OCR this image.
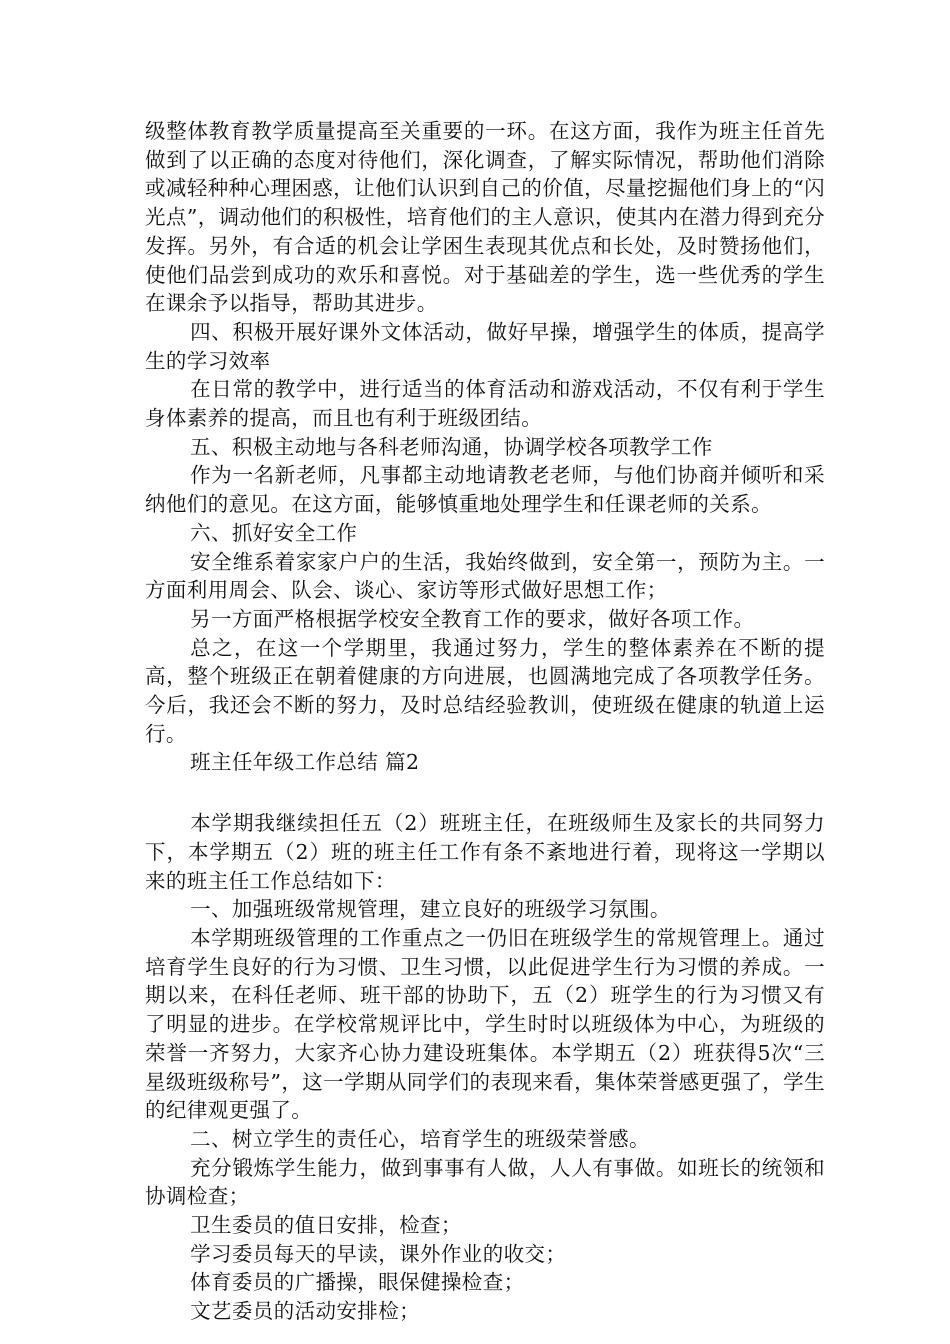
级整体教育教学质量提高至关重要的一环。在这方面，我作为班主任首先做到了以正确的态度对待他们，深化调查，了解实际情况，帮助他们消除或减轻种种心理困惑，让他们认识到自己的价值，尽量挖掘他们身上的“闪光点”，调动他们的积极性，培育他们的主人意识，使其内在潜力得到充分发挥。另外，有合适的机会让学困生表现其优点和长处，及时赞扬他们，使他们品尝到成功的欢乐和喜悦。对于基础差的学生，选一些优秀的学生在课余予以指导，帮助其进步。

四、积极开展好课外文体活动，做好早操，增强学生的体质，提高学生的学习效率

在日常的教学中，进行适当的体育活动和游戏活动，不仅有利于学生身体素养的提高，而且也有利于班级团结。

五、积极主动地与各科老师沟通，协调学校各项教学工作

作为一名新老师，凡事都主动地请教老老师，与他们协商并倾听和采纳他们的意见。在这方面，能够慎重地处理学生和任课老师的关系。

六、抓好安全工作

安全维系着家家户户的生活，我始终做到，安全第一，预防为主。一方面利用周会、队会、谈心、家访等形式做好思想工作；

另一方面严格根据学校安全教育工作的要求，做好各项工作。

总之，在这一个学期里，我通过努力，学生的整体素养在不断的提高，整个班级正在朝着健康的方向进展，也圆满地完成了各项教学任务。今后，我还会不断的努力，及时总结经验教训，使班级在健康的轨道上运行。

班主任年级工作总结 篇2

本学期我继续担任五（2）班班主任，在班级师生及家长的共同努力下，本学期五（2）班的班主任工作有条不紊地进行着，现将这一学期以来的班主任工作总结如下：

一、加强班级常规管理，建立良好的班级学习氛围。

本学期班级管理的工作重点之一仍旧在班级学生的常规管理上。通过培育学生良好的行为习惯、卫生习惯，以此促进学生行为习惯的养成。一期以来，在科任老师、班干部的协助下，五（2）班学生的行为习惯又有了明显的进步。在学校常规评比中，学生时时以班级体为中心，为班级的荣誉一齐努力，大家齐心协力建设班集体。本学期五（2）班获得5次“三星级班级称号”，这一学期从同学们的表现来看，集体荣誉感更强了，学生的纪律观更强了。

二、树立学生的责任心，培育学生的班级荣誉感。

充分锻炼学生能力，做到事事有人做，人人有事做。如班长的统领和协调检查；

卫生委员的值日安排，检查；

学习委员每天的早读，课外作业的收交；

体育委员的广播操，眼保健操检查；

文艺委员的活动安排检；
